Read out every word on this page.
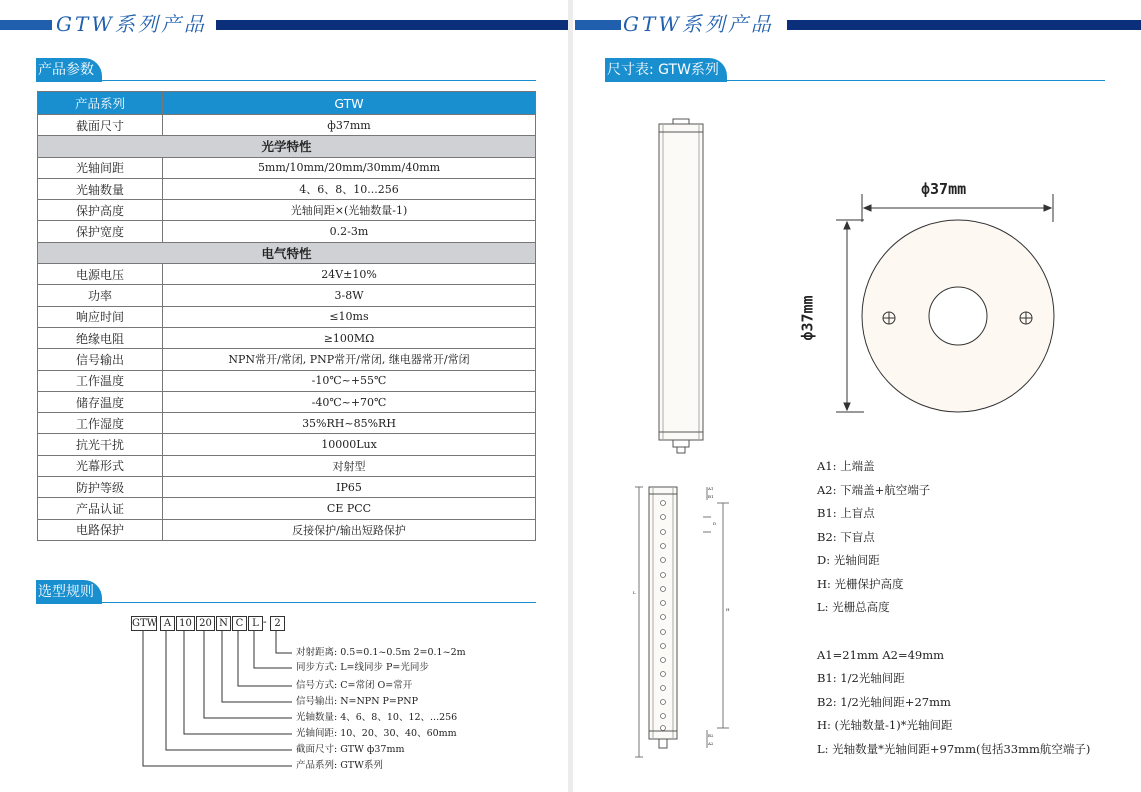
GTW系列产品
产品参数
产品系列	GTW
截面尺寸	ф37mm
光学特性	
光轴间距	5mm/10mm/20mm/30mm/40mm
光轴数量	4、6、8、10...256
保护高度	光轴间距×(光轴数量-1)
保护宽度	0.2-3m
电气特性	
电源电压	24V±10%
功率	3-8W
响应时间	≤10ms
绝缘电阻	≥100MΩ
信号输出	NPN常开/常闭, PNP常开/常闭, 继电器常开/常闭
工作温度	-10℃~+55℃
储存温度	-40℃~+70℃
工作湿度	35%RH~85%RH
抗光干扰	10000Lux
光幕形式	对射型
防护等级	IP65
产品认证	CE PCC
电路保护	反接保护/输出短路保护
选型规则
GTW A 10 20 N C L - 2
对射距离: 0.5=0.1~0.5m 2=0.1~2m
同步方式: L=线同步 P=光同步
信号方式: C=常闭 O=常开
信号输出: N=NPN P=PNP
光轴数量: 4、6、8、10、12、...256
光轴间距: 10、20、30、40、60mm
截面尺寸: GTW ф37mm
产品系列: GTW系列
GTW系列产品
尺寸表: GTW系列
ф37mm
ф37mm
A1
B1
D
H
L
B2
A2
A1: 上端盖
A2: 下端盖+航空端子
B1: 上盲点
B2: 下盲点
D: 光轴间距
H: 光栅保护高度
L: 光栅总高度
A1=21mm A2=49mm
B1: 1/2光轴间距
B2: 1/2光轴间距+27mm
H: (光轴数量-1)*光轴间距
L: 光轴数量*光轴间距+97mm(包括33mm航空端子)
